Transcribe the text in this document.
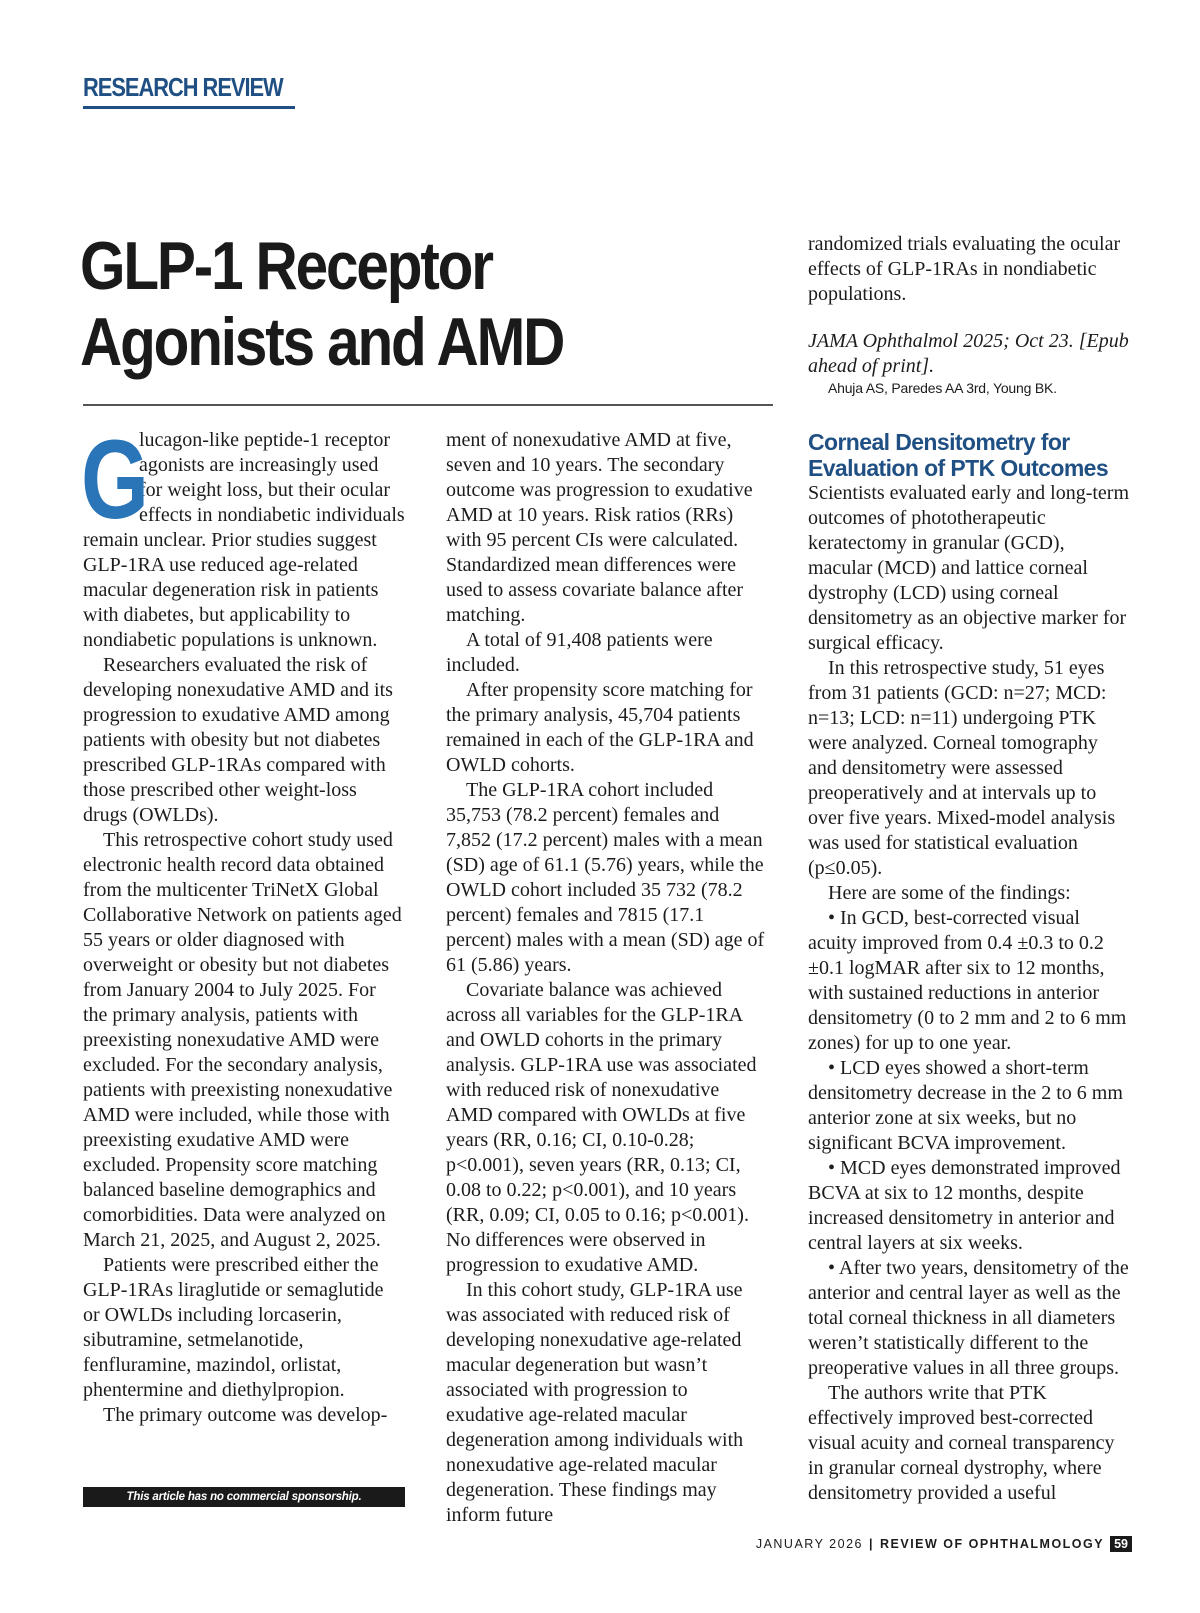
RESEARCH REVIEW
GLP-1 Receptor
Agonists and AMD

G
lucagon-like peptide-1 receptor agonists are increasingly used for weight loss, but their ocular effects in nondiabetic individuals remain unclear. Prior studies suggest GLP-1RA use reduced age-related macular degeneration risk in patients with diabetes, but applicability to nondiabetic populations is unknown.

Researchers evaluated the risk of developing nonexudative AMD and its progression to exudative AMD among patients with obesity but not diabetes prescribed GLP-1RAs compared with those prescribed other weight-loss drugs (OWLDs).

This retrospective cohort study used electronic health record data obtained from the multicenter TriNetX Global Collaborative Network on patients aged 55 years or older diagnosed with overweight or obesity but not diabetes from January 2004 to July 2025. For the primary analysis, patients with preexisting nonexudative AMD were excluded. For the secondary analysis, patients with preexisting nonexudative AMD were included, while those with preexisting exudative AMD were excluded. Propensity score matching balanced baseline demographics and comorbidities. Data were analyzed on March 21, 2025, and August 2, 2025.

Patients were prescribed either the GLP-1RAs liraglutide or semaglutide or OWLDs including lorcaserin, sibutramine, setmelanotide, fenfluramine, mazindol, orlistat, phentermine and diethylpropion.

The primary outcome was develop-

ment of nonexudative AMD at five, seven and 10 years. The secondary outcome was progression to exudative AMD at 10 years. Risk ratios (RRs) with 95 percent CIs were calculated. Standardized mean differences were used to assess covariate balance after matching.

A total of 91,408 patients were included.

After propensity score matching for the primary analysis, 45,704 patients remained in each of the GLP-1RA and OWLD cohorts.

The GLP-1RA cohort included 35,753 (78.2 percent) females and 7,852 (17.2 percent) males with a mean (SD) age of 61.1 (5.76) years, while the OWLD cohort included 35 732 (78.2 percent) females and 7815 (17.1 percent) males with a mean (SD) age of 61 (5.86) years.

Covariate balance was achieved across all variables for the GLP-1RA and OWLD cohorts in the primary analysis. GLP-1RA use was associated with reduced risk of nonexudative AMD compared with OWLDs at five years (RR, 0.16; CI, 0.10-0.28; p<0.001), seven years (RR, 0.13; CI, 0.08 to 0.22; p<0.001), and 10 years (RR, 0.09; CI, 0.05 to 0.16; p<0.001). No differences were observed in progression to exudative AMD.

In this cohort study, GLP-1RA use was associated with reduced risk of developing nonexudative age-related macular degeneration but wasn’t associated with progression to exudative age-related macular degeneration among individuals with nonexudative age-related macular degeneration. These findings may inform future

randomized trials evaluating the ocular effects of GLP-1RAs in nondiabetic populations.

JAMA Ophthalmol 2025; Oct 23. [Epub ahead of print].

Ahuja AS, Paredes AA 3rd, Young BK.

Corneal Densitometry for
Evaluation of PTK Outcomes

Scientists evaluated early and long-term outcomes of phototherapeutic keratectomy in granular (GCD), macular (MCD) and lattice corneal dystrophy (LCD) using corneal densitometry as an objective marker for surgical efficacy.

In this retrospective study, 51 eyes from 31 patients (GCD: n=27; MCD: n=13; LCD: n=11) undergoing PTK were analyzed. Corneal tomography and densitometry were assessed preoperatively and at intervals up to over five years. Mixed-model analysis was used for statistical evaluation (p≤0.05).

Here are some of the findings:

• In GCD, best-corrected visual acuity improved from 0.4 ±0.3 to 0.2 ±0.1 logMAR after six to 12 months, with sustained reductions in anterior densitometry (0 to 2 mm and 2 to 6 mm zones) for up to one year.

• LCD eyes showed a short-term densitometry decrease in the 2 to 6 mm anterior zone at six weeks, but no significant BCVA improvement.

• MCD eyes demonstrated improved BCVA at six to 12 months, despite increased densitometry in anterior and central layers at six weeks.

• After two years, densitometry of the anterior and central layer as well as the total corneal thickness in all diameters weren’t statistically different to the preoperative values in all three groups.

The authors write that PTK effectively improved best-corrected visual acuity and corneal transparency in granular corneal dystrophy, where densitometry provided a useful

This article has no commercial sponsorship.
JANUARY 2026 | REVIEW OF OPHTHALMOLOGY 59
